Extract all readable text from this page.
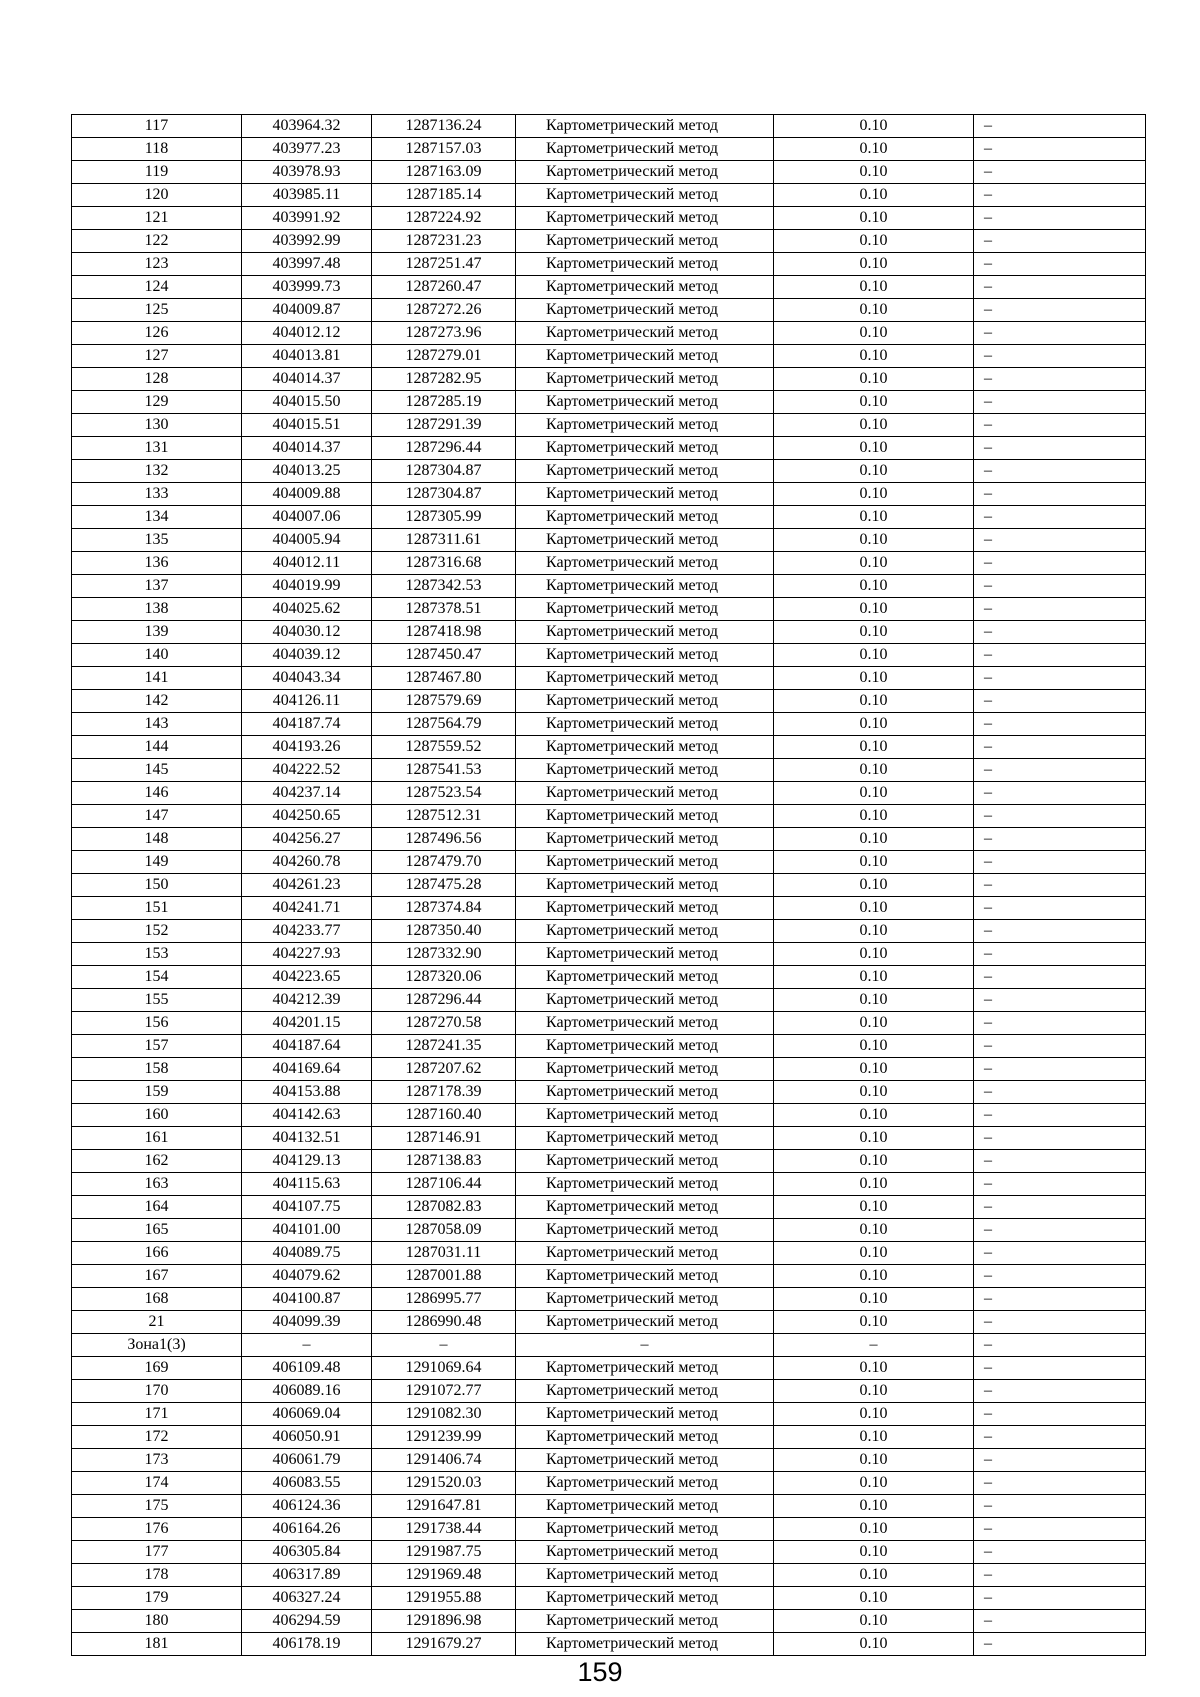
117	403964.32	1287136.24	Картометрический метод	0.10	–
118	403977.23	1287157.03	Картометрический метод	0.10	–
119	403978.93	1287163.09	Картометрический метод	0.10	–
120	403985.11	1287185.14	Картометрический метод	0.10	–
121	403991.92	1287224.92	Картометрический метод	0.10	–
122	403992.99	1287231.23	Картометрический метод	0.10	–
123	403997.48	1287251.47	Картометрический метод	0.10	–
124	403999.73	1287260.47	Картометрический метод	0.10	–
125	404009.87	1287272.26	Картометрический метод	0.10	–
126	404012.12	1287273.96	Картометрический метод	0.10	–
127	404013.81	1287279.01	Картометрический метод	0.10	–
128	404014.37	1287282.95	Картометрический метод	0.10	–
129	404015.50	1287285.19	Картометрический метод	0.10	–
130	404015.51	1287291.39	Картометрический метод	0.10	–
131	404014.37	1287296.44	Картометрический метод	0.10	–
132	404013.25	1287304.87	Картометрический метод	0.10	–
133	404009.88	1287304.87	Картометрический метод	0.10	–
134	404007.06	1287305.99	Картометрический метод	0.10	–
135	404005.94	1287311.61	Картометрический метод	0.10	–
136	404012.11	1287316.68	Картометрический метод	0.10	–
137	404019.99	1287342.53	Картометрический метод	0.10	–
138	404025.62	1287378.51	Картометрический метод	0.10	–
139	404030.12	1287418.98	Картометрический метод	0.10	–
140	404039.12	1287450.47	Картометрический метод	0.10	–
141	404043.34	1287467.80	Картометрический метод	0.10	–
142	404126.11	1287579.69	Картометрический метод	0.10	–
143	404187.74	1287564.79	Картометрический метод	0.10	–
144	404193.26	1287559.52	Картометрический метод	0.10	–
145	404222.52	1287541.53	Картометрический метод	0.10	–
146	404237.14	1287523.54	Картометрический метод	0.10	–
147	404250.65	1287512.31	Картометрический метод	0.10	–
148	404256.27	1287496.56	Картометрический метод	0.10	–
149	404260.78	1287479.70	Картометрический метод	0.10	–
150	404261.23	1287475.28	Картометрический метод	0.10	–
151	404241.71	1287374.84	Картометрический метод	0.10	–
152	404233.77	1287350.40	Картометрический метод	0.10	–
153	404227.93	1287332.90	Картометрический метод	0.10	–
154	404223.65	1287320.06	Картометрический метод	0.10	–
155	404212.39	1287296.44	Картометрический метод	0.10	–
156	404201.15	1287270.58	Картометрический метод	0.10	–
157	404187.64	1287241.35	Картометрический метод	0.10	–
158	404169.64	1287207.62	Картометрический метод	0.10	–
159	404153.88	1287178.39	Картометрический метод	0.10	–
160	404142.63	1287160.40	Картометрический метод	0.10	–
161	404132.51	1287146.91	Картометрический метод	0.10	–
162	404129.13	1287138.83	Картометрический метод	0.10	–
163	404115.63	1287106.44	Картометрический метод	0.10	–
164	404107.75	1287082.83	Картометрический метод	0.10	–
165	404101.00	1287058.09	Картометрический метод	0.10	–
166	404089.75	1287031.11	Картометрический метод	0.10	–
167	404079.62	1287001.88	Картометрический метод	0.10	–
168	404100.87	1286995.77	Картометрический метод	0.10	–
21	404099.39	1286990.48	Картометрический метод	0.10	–
Зона1(3)	–	–	–	–	–
169	406109.48	1291069.64	Картометрический метод	0.10	–
170	406089.16	1291072.77	Картометрический метод	0.10	–
171	406069.04	1291082.30	Картометрический метод	0.10	–
172	406050.91	1291239.99	Картометрический метод	0.10	–
173	406061.79	1291406.74	Картометрический метод	0.10	–
174	406083.55	1291520.03	Картометрический метод	0.10	–
175	406124.36	1291647.81	Картометрический метод	0.10	–
176	406164.26	1291738.44	Картометрический метод	0.10	–
177	406305.84	1291987.75	Картометрический метод	0.10	–
178	406317.89	1291969.48	Картометрический метод	0.10	–
179	406327.24	1291955.88	Картометрический метод	0.10	–
180	406294.59	1291896.98	Картометрический метод	0.10	–
181	406178.19	1291679.27	Картометрический метод	0.10	–
159
